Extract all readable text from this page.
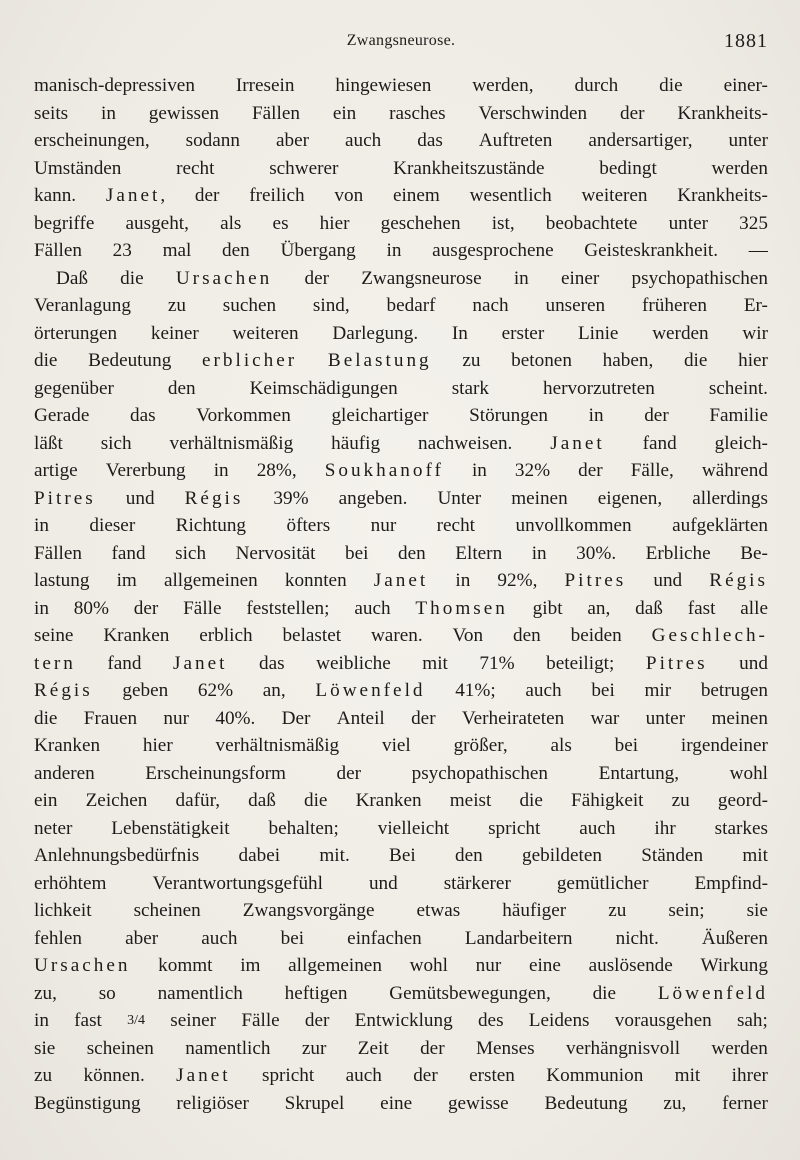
Zwangsneurose.	1881
manisch-depressiven Irresein hingewiesen werden, durch die einer-
seits in gewissen Fällen ein rasches Verschwinden der Krankheits-
erscheinungen, sodann aber auch das Auftreten andersartiger, unter
Umständen	recht	schwerer	Krankheitszustände	bedingt	werden
kann. Janet, der freilich von einem wesentlich weiteren Krankheits-
begriffe ausgeht, als es hier geschehen ist, beobachtete unter 325
Fällen 23 mal den Übergang in ausgesprochene Geisteskrankheit. —
Daß die Ursachen der Zwangsneurose in einer psychopathischen
Veranlagung zu suchen sind, bedarf nach unseren früheren Er-
örterungen keiner weiteren Darlegung. In erster Linie werden wir
die Bedeutung erblicher Belastung zu betonen haben, die hier
gegenüber	den	Keimschädigungen	stark	hervorzutreten	scheint.
Gerade das Vorkommen gleichartiger Störungen in der Familie
läßt sich verhältnismäßig häufig nachweisen. Janet fand gleich-
artige Vererbung in 28%, Soukhanoff in 32% der Fälle, während
Pitres und Régis 39% angeben. Unter meinen eigenen, allerdings
in dieser Richtung öfters nur recht unvollkommen aufgeklärten
Fällen fand sich Nervosität bei den Eltern in 30%. Erbliche Be-
lastung im allgemeinen konnten Janet in 92%, Pitres und Régis
in 80% der Fälle feststellen; auch Thomsen gibt an, daß fast alle
seine Kranken erblich belastet waren. Von den beiden Geschlech-
tern fand Janet das weibliche mit 71% beteiligt; Pitres und
Régis geben 62% an, Löwenfeld 41%; auch bei mir betrugen
die Frauen nur 40%. Der Anteil der Verheirateten war unter meinen
Kranken hier verhältnismäßig viel größer, als bei irgendeiner
anderen	Erscheinungsform	der	psychopathischen	Entartung,	wohl
ein Zeichen dafür, daß die Kranken meist die Fähigkeit zu geord-
neter Lebenstätigkeit behalten; vielleicht spricht auch ihr starkes
Anlehnungsbedürfnis dabei mit. Bei den gebildeten Ständen mit
erhöhtem Verantwortungsgefühl und stärkerer gemütlicher Empfind-
lichkeit scheinen Zwangsvorgänge etwas häufiger zu sein; sie
fehlen aber auch bei einfachen Landarbeitern nicht. Äußeren
Ursachen kommt im allgemeinen wohl nur eine auslösende Wirkung
zu, so namentlich heftigen Gemütsbewegungen, die Löwenfeld
in fast $^{3/4}$ seiner Fälle der Entwicklung des Leidens vorausgehen sah;
sie scheinen namentlich zur Zeit der Menses verhängnisvoll werden
zu können. Janet spricht auch der ersten Kommunion mit ihrer
Begünstigung religiöser Skrupel eine gewisse Bedeutung zu, ferner
